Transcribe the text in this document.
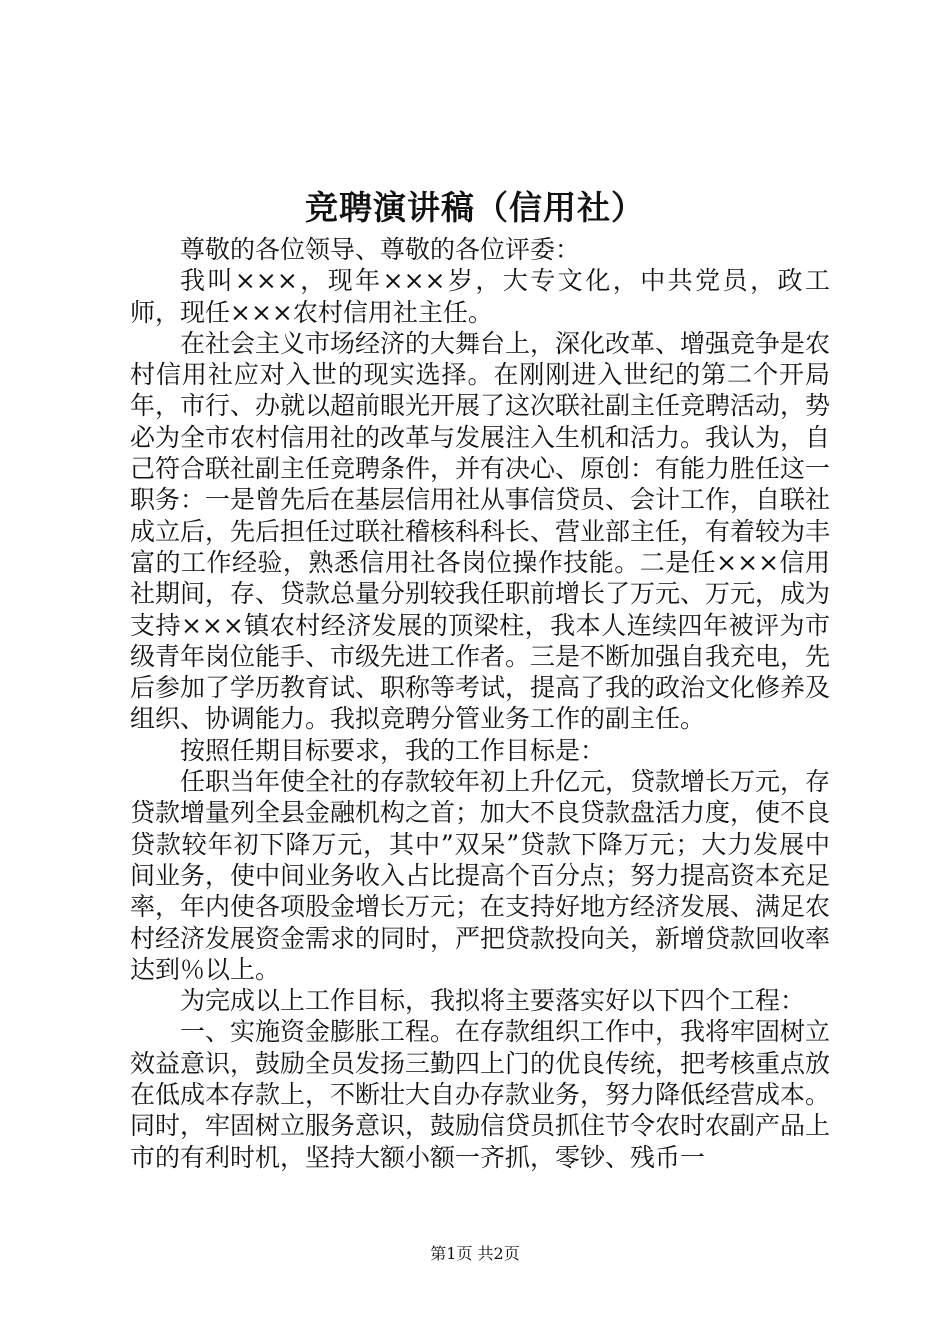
竞聘演讲稿（信用社）

尊敬的各位领导、尊敬的各位评委：

我叫×××，现年×××岁，大专文化，中共党员，政工师，现任×××农村信用社主任。

在社会主义市场经济的大舞台上，深化改革、增强竞争是农村信用社应对入世的现实选择。在刚刚进入世纪的第二个开局年，市行、办就以超前眼光开展了这次联社副主任竞聘活动，势必为全市农村信用社的改革与发展注入生机和活力。我认为，自己符合联社副主任竞聘条件，并有决心、原创：有能力胜任这一职务：一是曾先后在基层信用社从事信贷员、会计工作，自联社成立后，先后担任过联社稽核科科长、营业部主任，有着较为丰富的工作经验，熟悉信用社各岗位操作技能。二是任×××信用社期间，存、贷款总量分别较我任职前增长了万元、万元，成为支持×××镇农村经济发展的顶梁柱，我本人连续四年被评为市级青年岗位能手、市级先进工作者。三是不断加强自我充电，先后参加了学历教育试、职称等考试，提高了我的政治文化修养及组织、协调能力。我拟竞聘分管业务工作的副主任。

按照任期目标要求，我的工作目标是：

任职当年使全社的存款较年初上升亿元，贷款增长万元，存贷款增量列全县金融机构之首；加大不良贷款盘活力度，使不良贷款较年初下降万元，其中”双呆”贷款下降万元；大力发展中间业务，使中间业务收入占比提高个百分点；努力提高资本充足率，年内使各项股金增长万元；在支持好地方经济发展、满足农村经济发展资金需求的同时，严把贷款投向关，新增贷款回收率达到％以上。

为完成以上工作目标，我拟将主要落实好以下四个工程：

一、实施资金膨胀工程。在存款组织工作中，我将牢固树立效益意识，鼓励全员发扬三勤四上门的优良传统，把考核重点放在低成本存款上，不断壮大自办存款业务，努力降低经营成本。同时，牢固树立服务意识，鼓励信贷员抓住节令农时农副产品上市的有利时机，坚持大额小额一齐抓，零钞、残币一

第1页 共2页
